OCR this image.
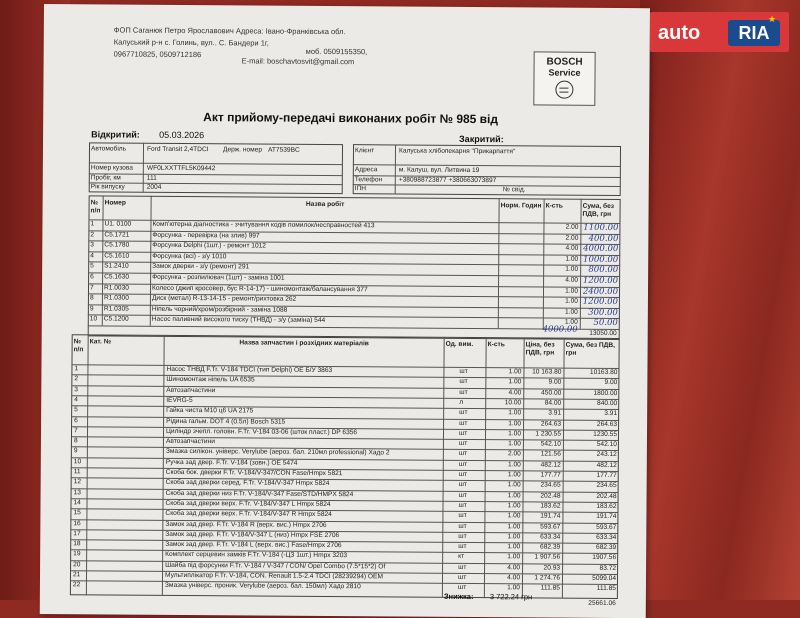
ФОП Саганюк Петро Ярославович Адреса: Івано-Франківська обл.
Калуський р-н с. Голинь, вул.. С. Бандери 1г,
моб. 0509155350,
0967710825, 0509712186
E-mail: boschavtosvit@gmail.com	BOSCH
Service
Акт прийому-передачі виконаних робіт № 985 від
Відкритий: 05.03.2026	Закритий:
Автомобіль	Ford Transit 2,4TDCI Держ. номер AT7539BC
Номер кузова WF0LXXTTFL5K09442
Пробіг, км	111
Рік випуску	2004
Клієнт	Калуська хлібопекарня "Прикарпаття"
Адреса	м. Калуш, вул. Литвина 19
Телефон	+380988723877 +380663073897
ІПН	№ свід.
№ п/п
Номер	Назва робіт	Норм. Годин К-сть	Сума, без ПДВ, грн
1 U1. 0100	Комп'ютерна діагностика - зчитування кодів помилок/несправностей 413	2.00 1100.00
2 C5.1721	Форсунка - перевірка (на злив) 997	2.00	400.00
3 C5.1780	Форсунка Delphi (1шт.) - ремонт 1012	4.00 4000.00
4 C5.1610	Форсунка (всі) - з/у 1010	1.00 1000.00
5 S1.2410	Замок дверки - з/у (ремонт) 291	1.00	800.00
6 C5.1630	Форсунка - розпилювач (1шт) - заміна 1001	4.00 1200.00
7 R1.0030	Колесо (джип кросовер, бус R-14-17) - шиномонтаж/балансування 377	1.00 2400.00
8 R1.0300	Диск (метал) R-13-14-15 - ремонт/рихтовка 262	1.00 1200.00
9 R1.0305	Ніпель чорний/хром/розбірний - заміна 1088	1.00	300.00
10 C5.1200	Насос паливний високого тиску (ТНВД) - з/у (заміна) 544	1.00	50.00
4000.00	13050.00
№ п/п
Кат. №	Назва запчастин і розхідних матеріалів	Од. вим.	К-сть	Ціна, без ПДВ, грн
Сума, без ПДВ, грн
1	Насос ТНВД F.Tr. V-184 TDCI (тип Delphi) OE Б/У 3863	шт	1.00	10 163.80	10163.80
2	Шиномонтаж ніпель UA 6535	шт	1.00	9.00	9.00
3	Автозапчастини	шт	4.00	450.00	1800.00
4	IEVRG-5	л	10.00	84.00	840.00
5	Гайка чиста M10 ц6 UA 2175	шт	1.00	3.91	3.91
6	Рідина гальм. DOT 4 (0.5л) Bosch 5315	шт	1.00	264.63	264.63
7	Циліндр зчепл. головн. F.Tr. V-184 03-06 (шток пласт.) DP 6356	шт	1.00	1 230.55	1230.55
8	Автозапчастини	шт	1.00	542.10	542.10
9	Змазка силікон. універс. Verylube (аероз. бал. 210мл professional) Хадо 2	шт	2.00	121.56	243.12
10	Ручка зад двер. F.Tr. V-184 (зовн.) OE 5474	шт	1.00	482.12	482.12
11	Скоба бок. дверки F.Tr. V-184/V-347/CON Fase/Hmpx 5821	шт	1.00	177.77	177.77
12	Скоба зад дверки серед. F.Tr. V-184/V-347 Hmpx 5824	шт	1.00	234.65	234.65
13	Скоба зад дверки низ F.Tr. V-184/V-347 Fase/STD/HMPX 5824	шт	1.00	202.48	202.48
14	Скоба зад дверки верх. F.Tr. V-184/V-347 L Hmpx 5824	шт	1.00	183.62	183.62
15	Скоба зад дверки верх. F.Tr. V-184/V-347 R Hmpx 5824	шт	1.00	191.74	191.74
16	Замок зад двер. F.Tr. V-184 R (верх. вис.) Hmpx 2706	шт	1.00	593.67	593.67
17	Замок зад двер. F.Tr. V-184/V-347 L (низ) Hmpx FSE 2706	шт	1.00	633.34	633.34
18	Замок зад двер. F.Tr. V-184 L (верх. вис.) Fase/Hmpx 2706	шт	1.00	682.39	682.39
19	Комплект серцевин замків F.Tr. V-184 (-ЦЗ 1шт.) Hmpx 3203	кт	1.00	1 907.56	1907.56
20	Шайба під форсунки F.Tr. V-184 / V-347 / CON/ Opel Combo (7.5*15*2) Of	шт	4.00	20.93	83.72
21	Мультиплікатор F.Tr. V-184, CON. Renault 1.5-2.4 TDCI (28239294) OEM	шт	4.00	1 274.76	5099.04
22	Змазка універс. проник. Verylube (аероз. бал. 150мл) Хадо 2810	шт	1.00	111.85	111.85
25661.06
Знижка: 3 722.24 грн
auto	RIA
★
